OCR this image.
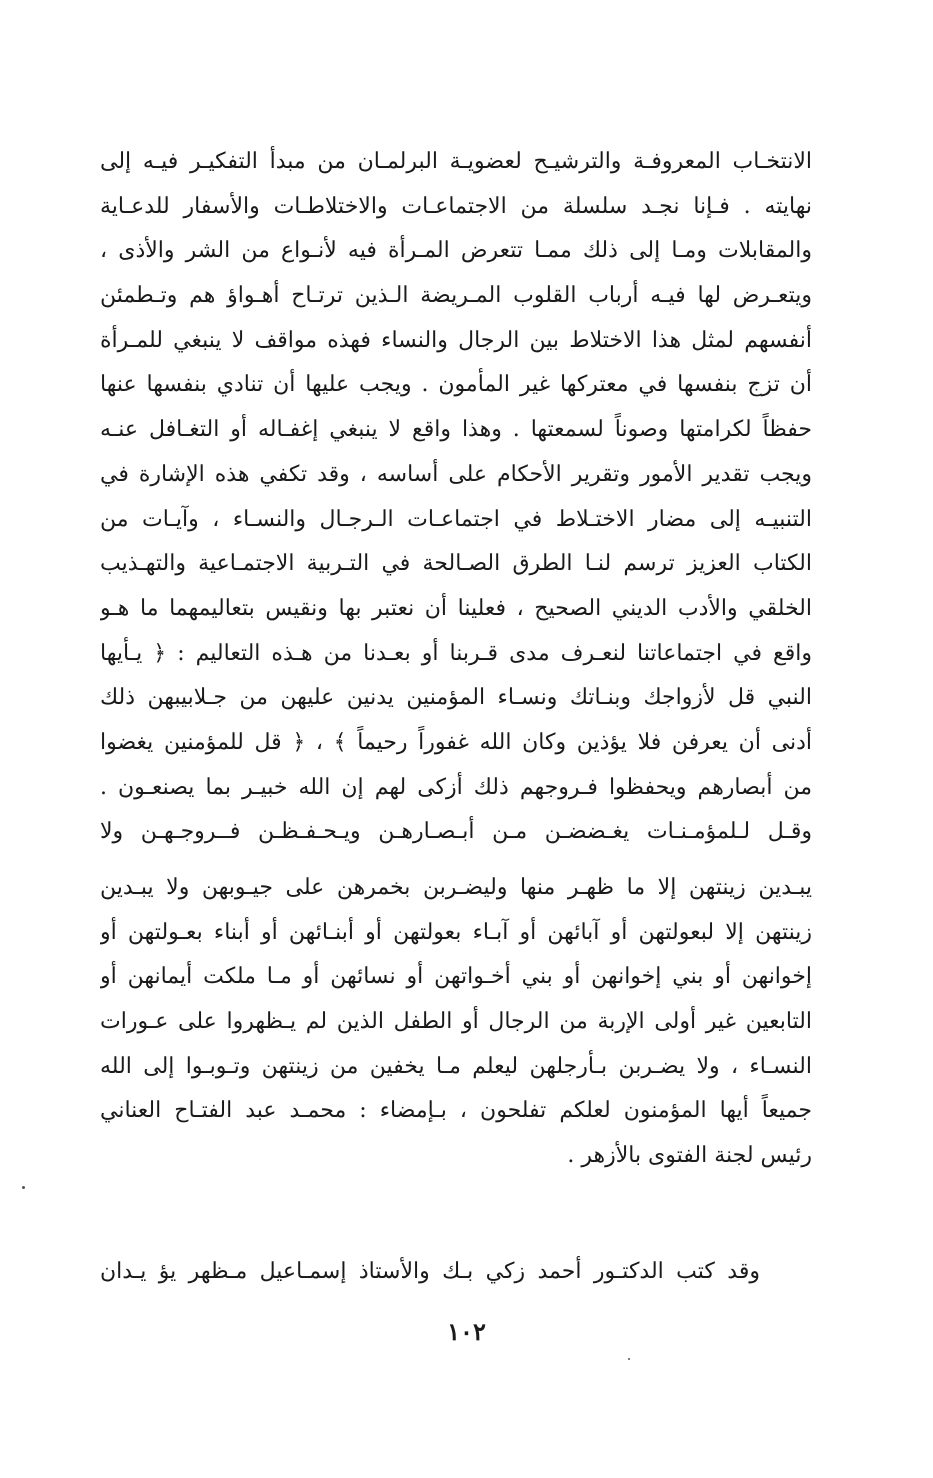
الانتخـاب المعروفـة والترشيـح لعضويـة البرلمـان من مبدأ التفكيـر فيـه إلى
نهايته . فـإنا نجـد سلسلة من الاجتماعـات والاختلاطـات والأسفار للدعـاية
والمقابلات ومـا إلى ذلك ممـا تتعرض المـرأة فيه لأنـواع من الشر والأذى ،
ويتعـرض لها فيـه أرباب القلوب المـريضة الـذين ترتـاح أهـواؤ هم وتـطمئن
أنفسهم لمثل هذا الاختلاط بين الرجال والنساء فهذه مواقف لا ينبغي للمـرأة
أن تزج بنفسها في معتركها غير المأمون . ويجب عليها أن تنادي بنفسها عنها
حفظاً لكرامتها وصوناً لسمعتها . وهذا واقع لا ينبغي إغفـاله أو التغـافل عنـه
ويجب تقدير الأمور وتقرير الأحكام على أساسه ، وقد تكفي هذه الإشارة في
التنبيـه إلى مضار الاختـلاط في اجتماعـات الـرجـال والنسـاء ، وآيـات من
الكتاب العزيز ترسم لنـا الطرق الصـالحة في التـربية الاجتمـاعية والتهـذيب
الخلقي والأدب الديني الصحيح ، فعلينا أن نعتبر بها ونقيس بتعاليمهما ما هـو
واقع في اجتماعاتنا لنعـرف مدى قـربنا أو بعـدنا من هـذه التعاليم : ﴿ يـأيها
النبي قل لأزواجك وبنـاتك ونسـاء المؤمنين يدنين عليهن من جـلابيبهن ذلك
أدنى أن يعرفن فلا يؤذين وكان الله غفوراً رحيماً ﴾ ، ﴿ قل للمؤمنين يغضوا
من أبصارهم ويحفظوا فـروجهم ذلك أزكى لهم إن الله خبيـر بما يصنعـون .
وقـل لـلمؤمـنـات يغـضضـن مـن أبـصـارهـن ويـحـفـظـن فــروجـهـن ولا
يبـدين زينتهن إلا ما ظهـر منها وليضـربن بخمرهن على جيـوبهن ولا يبـدين
زينتهن إلا لبعولتهن أو آبائهن أو آبـاء بعولتهن أو أبنـائهن أو أبناء بعـولتهن أو
إخوانهن أو بني إخوانهن أو بني أخـواتهن أو نسائهن أو مـا ملكت أيمانهن أو
التابعين غير أولى الإربة من الرجال أو الطفل الذين لم يـظهروا على عـورات
النسـاء ، ولا يضـربن بـأرجلهن ليعلم مـا يخفين من زينتهن وتـوبـوا إلى الله
جميعاً أيها المؤمنون لعلكم تفلحون ، بـإمضاء : محمـد عبد الفتـاح العناني
رئيس لجنة الفتوى بالأزهر .
وقد كتب الدكتـور أحمد زكي بـك والأستاذ إسمـاعيل مـظهر يؤ يـدان
١٠٢
